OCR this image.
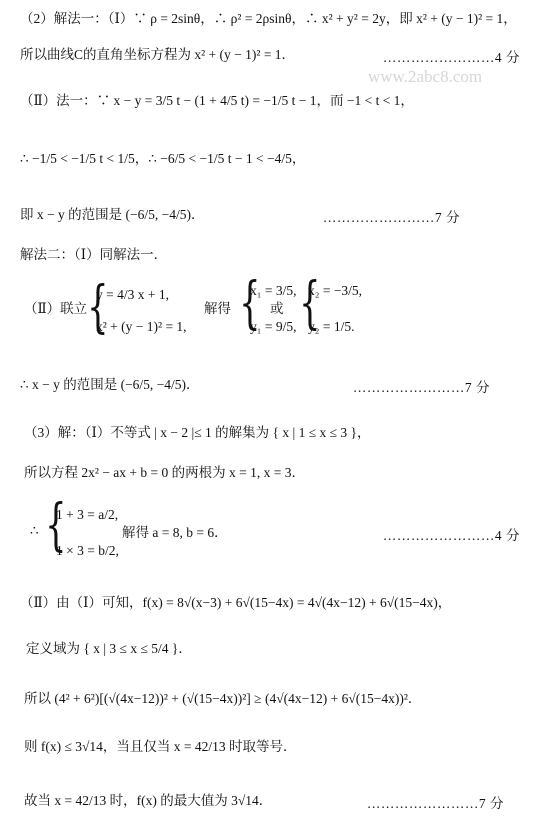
www.2abc8.com
（2）解法一：（Ⅰ）∵ ρ = 2sinθ，∴ ρ² = 2ρsinθ，∴ x² + y² = 2y，即 x² + (y − 1)² = 1，
所以曲线C的直角坐标方程为 x² + (y − 1)² = 1．	……………………4 分
（Ⅱ）法一：∵ x − y = 3/5 t − (1 + 4/5 t) = −1/5 t − 1，而 −1 < t < 1，
∴ −1/5 < −1/5 t < 1/5，∴ −6/5 < −1/5 t − 1 < −4/5，
即 x − y 的范围是 (−6/5, −4/5)．	……………………7 分
解法二：（Ⅰ）同解法一．
（Ⅱ）联立 {
y = 4/3 x + 1,
x² + (y − 1)² = 1,
解得 {
x₁ = 3/5,
y₁ = 9/5,
或 {
x₂ = −3/5,
y₂ = 1/5.
∴ x − y 的范围是 (−6/5, −4/5)．	……………………7 分
（3）解：（Ⅰ）不等式 | x − 2 |≤ 1 的解集为 { x | 1 ≤ x ≤ 3 }，
所以方程 2x² − ax + b = 0 的两根为 x = 1, x = 3．
∴ {
1 + 3 = a/2,
1 × 3 = b/2,
解得 a = 8, b = 6．	……………………4 分
（Ⅱ）由（Ⅰ）可知，f(x) = 8√(x−3) + 6√(15−4x) = 4√(4x−12) + 6√(15−4x)，
定义域为 { x | 3 ≤ x ≤ 5/4 }．
所以 (4² + 6²)[(√(4x−12))² + (√(15−4x))²] ≥ (4√(4x−12) + 6√(15−4x))²．
则 f(x) ≤ 3√14，当且仅当 x = 42/13 时取等号．
故当 x = 42/13 时，f(x) 的最大值为 3√14．	……………………7 分
